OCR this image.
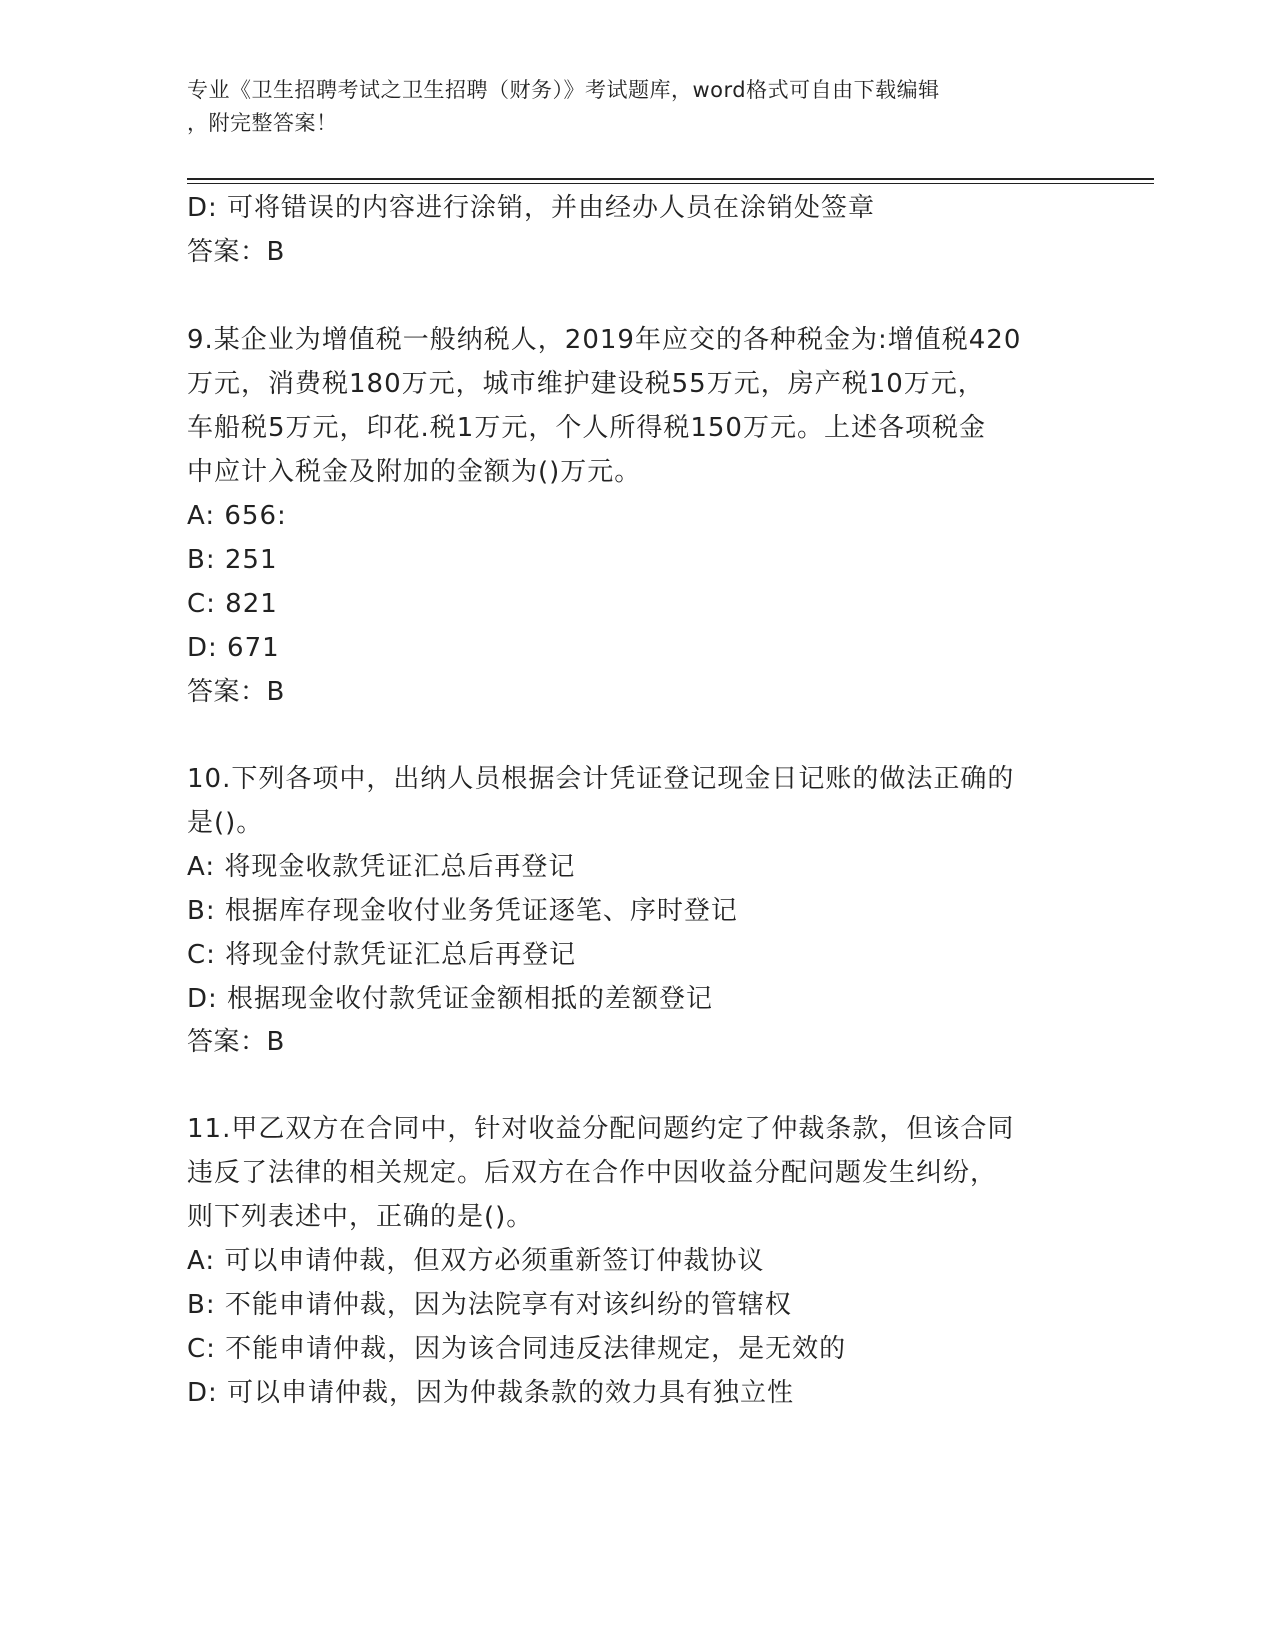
专业《卫生招聘考试之卫生招聘（财务）》考试题库，word格式可自由下载编辑
，附完整答案！
D: 可将错误的内容进行涂销，并由经办人员在涂销处签章
答案：B
9.某企业为增值税一般纳税人，2019年应交的各种税金为:增值税420
万元，消费税180万元，城市维护建设税55万元，房产税10万元，
车船税5万元，印花.税1万元，个人所得税150万元。上述各项税金
中应计入税金及附加的金额为()万元。
A: 656:
B: 251
C: 821
D: 671
答案：B
10.下列各项中，出纳人员根据会计凭证登记现金日记账的做法正确的
是()。
A: 将现金收款凭证汇总后再登记
B: 根据库存现金收付业务凭证逐笔、序时登记
C: 将现金付款凭证汇总后再登记
D: 根据现金收付款凭证金额相抵的差额登记
答案：B
11.甲乙双方在合同中，针对收益分配问题约定了仲裁条款，但该合同
违反了法律的相关规定。后双方在合作中因收益分配问题发生纠纷，
则下列表述中，正确的是()。
A: 可以申请仲裁，但双方必须重新签订仲裁协议
B: 不能申请仲裁，因为法院享有对该纠纷的管辖权
C: 不能申请仲裁，因为该合同违反法律规定，是无效的
D: 可以申请仲裁，因为仲裁条款的效力具有独立性
